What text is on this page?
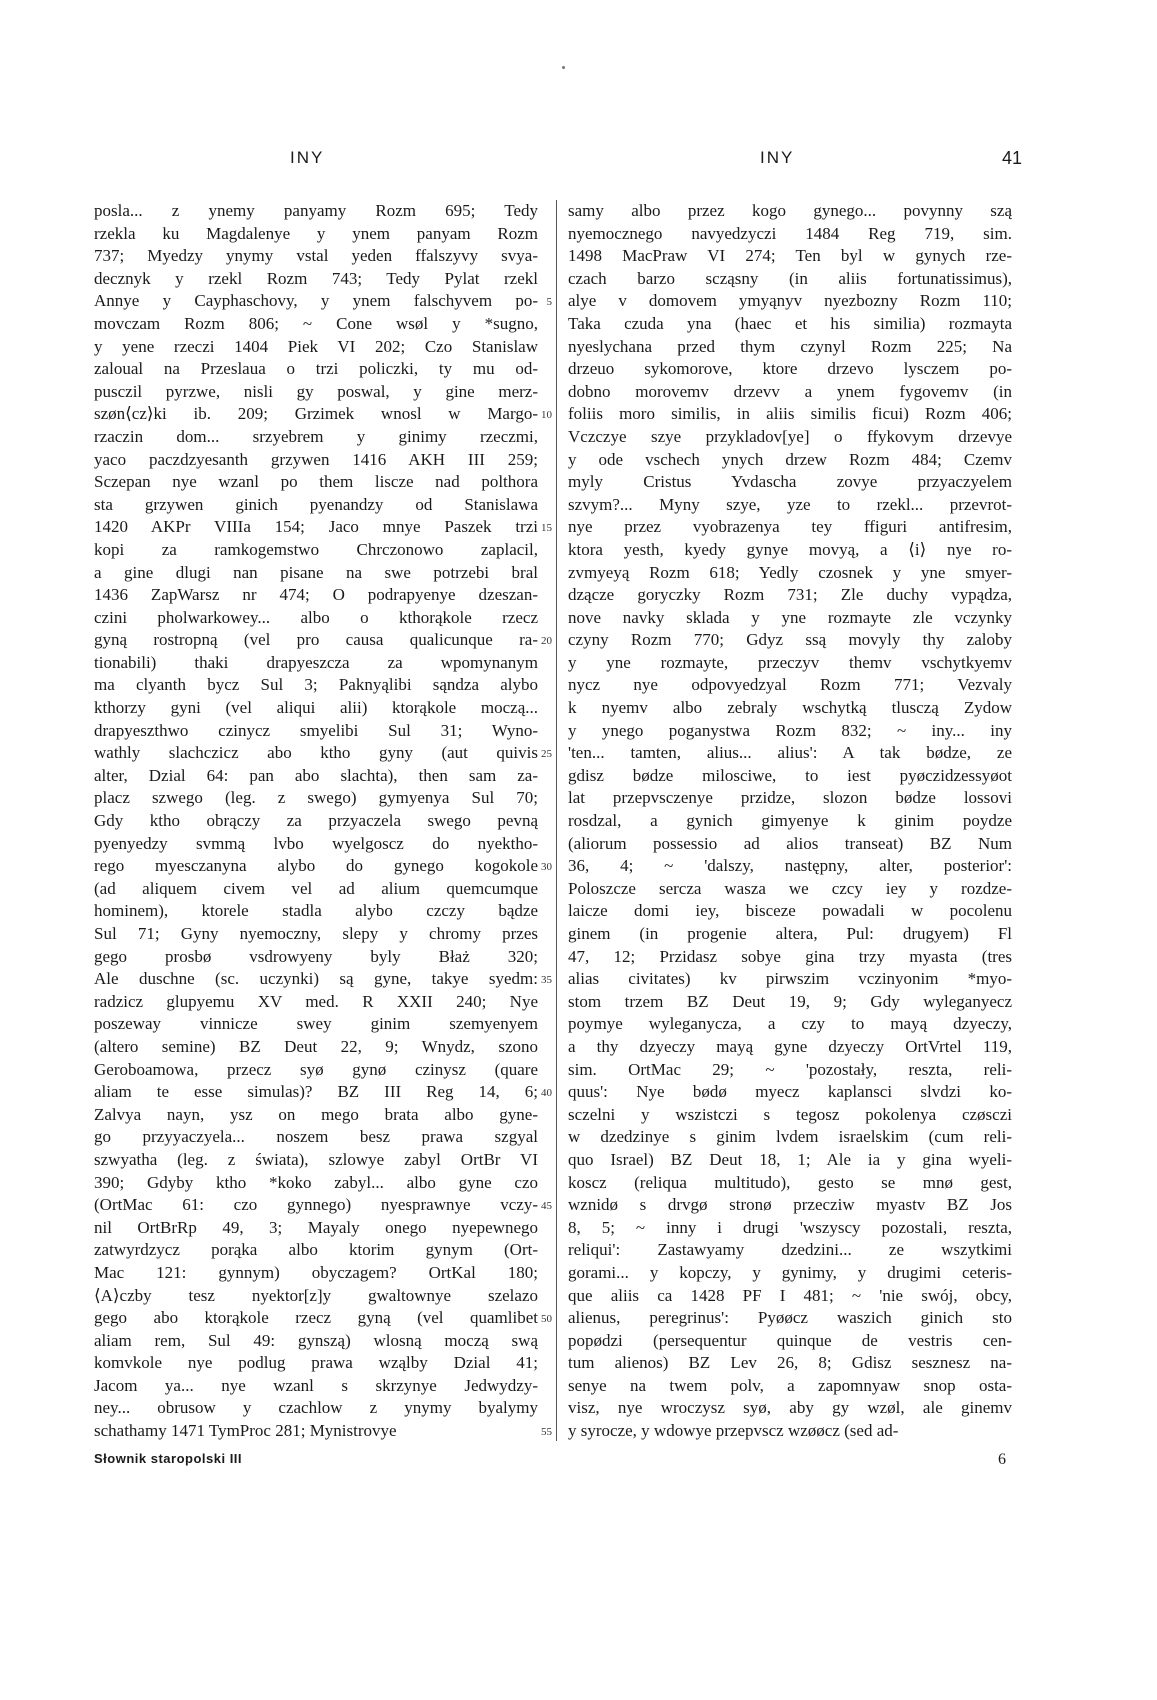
INY	INY	41
posla... z ynemy panyamy Rozm 695; Tedy
rzekla ku Magdalenye y ynem panyam Rozm
737; Myedzy ynymy vstal yeden ffalszyvy svya-
decznyk y rzekl Rozm 743; Tedy Pylat rzekl
Annye y Cayphaschovy, y ynem falschyvem po-
movczam Rozm 806; ~ Cone wsøl y *sugno,
y yene rzeczi 1404 Piek VI 202; Czo Stanislaw
zaloual na Przeslaua o trzi policzki, ty mu od-
pusczil pyrzwe, nisli gy poswal, y gine merz-
szøn⟨cz⟩ki ib. 209; Grzimek wnosl w Margo-
rzaczin dom... srzyebrem y ginimy rzeczmi,
yaco paczdzyesanth grzywen 1416 AKH III 259;
Sczepan nye wzanl po them liscze nad polthora
sta grzywen ginich pyenandzy od Stanislawa
1420 AKPr VIIIa 154; Jaco mnye Paszek trzi
kopi za ramkogemstwo Chrczonowo zaplacil,
a gine dlugi nan pisane na swe potrzebi bral
1436 ZapWarsz nr 474; O podrapyenye dzeszan-
czini pholwarkowey... albo o kthorąkole rzecz
gyną rostropną (vel pro causa qualicunque ra-
tionabili) thaki drapyeszcza za wpomynanym
ma clyanth bycz Sul 3; Paknyąlibi sąndza alybo
kthorzy gyni (vel aliqui alii) ktorąkole moczą...
drapyeszthwo czinycz smyelibi Sul 31; Wyno-
wathly slachczicz abo ktho gyny (aut quivis
alter, Dzial 64: pan abo slachta), then sam za-
placz szwego (leg. z swego) gymyenya Sul 70;
Gdy ktho obrączy za przyaczela swego pevną
pyenyedzy svmmą lvbo wyelgoscz do nyektho-
rego myesczanyna alybo do gynego kogokole
(ad aliquem civem vel ad alium quemcumque
hominem), ktorele stadla alybo czczy bądze
Sul 71; Gyny nyemoczny, slepy y chromy przes
gego prosbø vsdrowyeny byly Błaż 320;
Ale duschne (sc. uczynki) są gyne, takye syedm:
radzicz glupyemu XV med. R XXII 240; Nye
poszeway vinnicze swey ginim szemyenyem
(altero semine) BZ Deut 22, 9; Wnydz, szono
Geroboamowa, przecz syø gynø czinysz (quare
aliam te esse simulas)? BZ III Reg 14, 6;
Zalvya nayn, ysz on mego brata albo gyne-
go przyyaczyela... noszem besz prawa szgyal
szwyatha (leg. z świata), szlowye zabyl OrtBr VI
390; Gdyby ktho *koko zabyl... albo gyne czo
(OrtMac 61: czo gynnego) nyesprawnye vczy-
nil OrtBrRp 49, 3; Mayaly onego nyepewnego
zatwyrdzycz porąka albo ktorim gynym (Ort-
Mac 121: gynnym) obyczagem? OrtKal 180;
⟨A⟩czby tesz nyektor[z]y gwaltownye szelazo
gego abo ktorąkole rzecz gyną (vel quamlibet
aliam rem, Sul 49: gynszą) wlosną moczą swą
komvkole nye podlug prawa wząlby Dzial 41;
Jacom ya... nye wzanl s skrzynye Jedwydzy-
ney... obrusow y czachlow z ynymy byalymy
schathamy 1471 TymProc 281; Mynistrovye
5
10
15
20
25
30
35
40
45
50
55
samy albo przez kogo gynego... povynny szą
nyemocznego navyedzyczi 1484 Reg 719, sim.
1498 MacPraw VI 274; Ten byl w gynych rze-
czach barzo scząsny (in aliis fortunatissimus),
alye v domovem ymyąnyv nyezbozny Rozm 110;
Taka czuda yna (haec et his similia) rozmayta
nyeslychana przed thym czynyl Rozm 225; Na
drzeuo sykomorove, ktore drzevo lysczem po-
dobno morovemv drzevv a ynem fygovemv (in
foliis moro similis, in aliis similis ficui) Rozm 406;
Vczczye szye przykladov[ye] o ffykovym drzevye
y ode vschech ynych drzew Rozm 484; Czemv
myly Cristus Yvdascha zovye przyaczyelem
szvym?... Myny szye, yze to rzekl... przevrot-
nye przez vyobrazenya tey ffiguri antifresim,
ktora yesth, kyedy gynye movyą, a ⟨i⟩ nye ro-
zvmyeyą Rozm 618; Yedly czosnek y yne smyer-
dzącze goryczky Rozm 731; Zle duchy vypądza,
nove navky sklada y yne rozmayte zle vczynky
czyny Rozm 770; Gdyz ssą movyly thy zaloby
y yne rozmayte, przeczyv themv vschytkyemv
nycz nye odpovyedzyal Rozm 771; Vezvaly
k nyemv albo zebraly wschytką tlusczą Zydow
y ynego poganystwa Rozm 832; ~ iny... iny
'ten... tamten, alius... alius': A tak bødze, ze
gdisz bødze milosciwe, to iest pyøczidzessyøot
lat przepvsczenye przidze, slozon bødze lossovi
rosdzal, a gynich gimyenye k ginim poydze
(aliorum possessio ad alios transeat) BZ Num
36, 4; ~ 'dalszy, następny, alter, posterior':
Poloszcze sercza wasza we czcy iey y rozdze-
laicze domi iey, bisceze powadali w pocolenu
ginem (in progenie altera, Pul: drugyem) Fl
47, 12; Przidasz sobye gina trzy myasta (tres
alias civitates) kv pirwszim vczinyonim *myo-
stom trzem BZ Deut 19, 9; Gdy wyleganyecz
poymye wyleganycza, a czy to mayą dzyeczy,
a thy dzyeczy mayą gyne dzyeczy OrtVrtel 119,
sim. OrtMac 29; ~ 'pozostały, reszta, reli-
quus': Nye bødø myecz kaplansci slvdzi ko-
sczelni y wszistczi s tegosz pokolenya czøsczi
w dzedzinye s ginim lvdem israelskim (cum reli-
quo Israel) BZ Deut 18, 1; Ale ia y gina wyeli-
koscz (reliqua multitudo), gesto se mnø gest,
wznidø s drvgø stronø przeczіw myastv BZ Jos
8, 5; ~ inny i drugi 'wszyscy pozostali, reszta,
reliqui': Zastawyamy dzedzini... ze wszytkimi
gorami... y kopczy, y gynimy, y drugimi ceteris-
que aliis ca 1428 PF I 481; ~ 'nie swój, obcy,
alienus, peregrinus': Pyøøcz waszich ginich sto
popødzi (persequentur quinque de vestris cen-
tum alienos) BZ Lev 26, 8; Gdisz sesznesz na-
senye na twem polv, a zapomnyaw snop osta-
visz, nye wroczysz syø, aby gy wzøl, ale ginemv
y syrocze, y wdowye przepvscz wzøøcz (sed ad-
Słownik staropolski III	6
